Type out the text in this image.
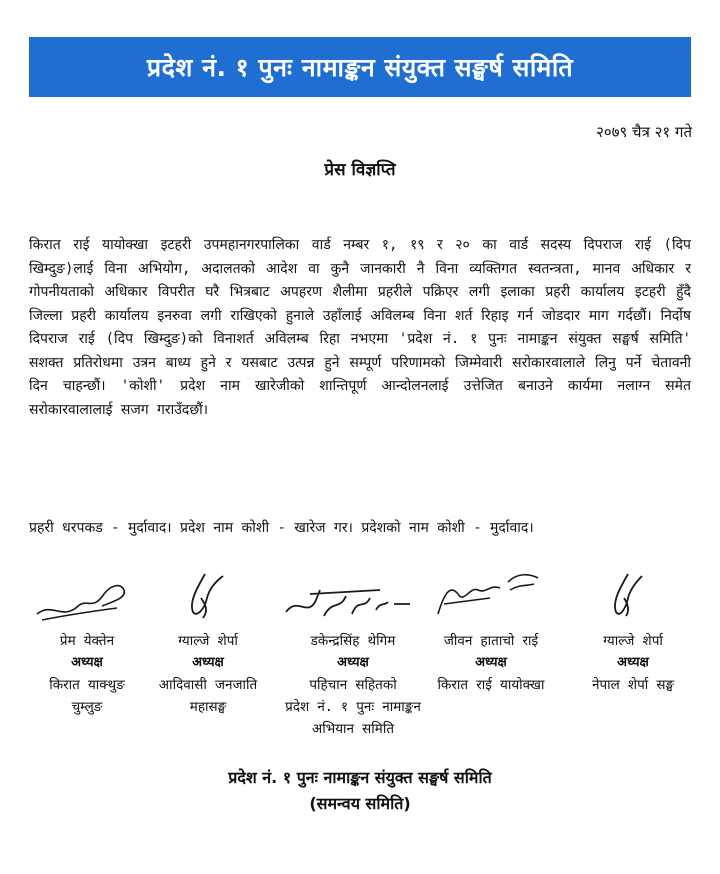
प्रदेश नं. १ पुनः नामाङ्कन संयुक्त सङ्घर्ष समिति
२०७९ चैत्र २१ गते
प्रेस विज्ञप्ति

किरात राई यायोक्खा इटहरी उपमहानगरपालिका वार्ड नम्बर १, १९ र २० का वार्ड सदस्य दिपराज राई (दिप खिम्दुङ)लाई विना अभियोग, अदालतको आदेश वा कुनै जानकारी नै विना व्यक्तिगत स्वतन्त्रता, मानव अधिकार र गोपनीयताको अधिकार विपरीत घरै भित्रबाट अपहरण शैलीमा प्रहरीले पक्रिएर लगी इलाका प्रहरी कार्यालय इटहरी हुँदै जिल्ला प्रहरी कार्यालय इनरुवा लगी राखिएको हुनाले उहाँलाई अविलम्ब विना शर्त रिहाइ गर्न जोडदार माग गर्दछौं। निर्दोष दिपराज राई (दिप खिम्दुङ)को विनाशर्त अविलम्ब रिहा नभएमा 'प्रदेश नं. १ पुनः नामाङ्कन संयुक्त सङ्घर्ष समिति' सशक्त प्रतिरोधमा उत्रन बाध्य हुने र यसबाट उत्पन्न हुने सम्पूर्ण परिणामको जिम्मेवारी सरोकारवालाले लिनु पर्ने चेतावनी दिन चाहन्छौं। 'कोशी' प्रदेश नाम खारेजीको शान्तिपूर्ण आन्दोलनलाई उत्तेजित बनाउने कार्यमा नलाग्न समेत सरोकारवालालाई सजग गराउँदछौं।

प्रहरी धरपकड - मुर्दावाद। प्रदेश नाम कोशी - खारेज गर। प्रदेशको नाम कोशी - मुर्दावाद।
प्रेम येक्तेन
अध्यक्ष
किरात याक्थुङ
चुम्लुङ
ग्याल्जे शेर्पा
अध्यक्ष
आदिवासी जनजाति
महासङ्घ
डकेन्द्रसिंह थेगिम
अध्यक्ष
पहिचान सहितको
प्रदेश नं. १ पुनः नामाङ्कन
अभियान समिति
जीवन हाताचो राई
अध्यक्ष
किरात राई यायोक्खा
ग्याल्जे शेर्पा
अध्यक्ष
नेपाल शेर्पा सङ्घ
प्रदेश नं. १ पुनः नामाङ्कन संयुक्त सङ्घर्ष समिति
(समन्वय समिति)
